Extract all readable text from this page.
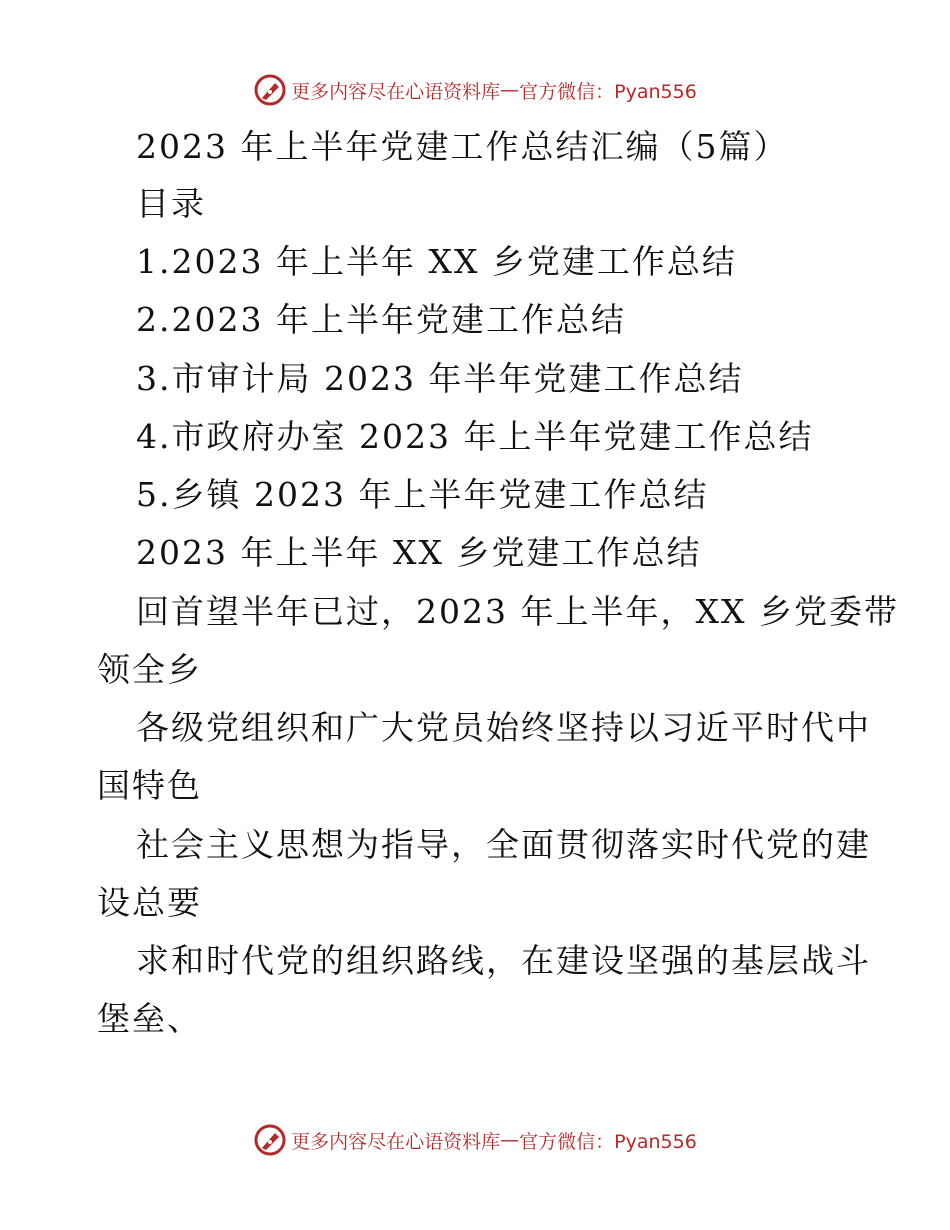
更多内容尽在心语资料库 — 官方微信：Pyan556
2023 年上半年党建工作总结汇编（5篇）
目录
1.2023 年上半年 XX 乡党建工作总结
2.2023 年上半年党建工作总结
3.市审计局 2023 年半年党建工作总结
4.市政府办室 2023 年上半年党建工作总结
5.乡镇 2023 年上半年党建工作总结
2023 年上半年 XX 乡党建工作总结
回首望半年已过，2023 年上半年，XX 乡党委带
领全乡
各级党组织和广大党员始终坚持以习近平时代中
国特色
社会主义思想为指导，全面贯彻落实时代党的建
设总要
求和时代党的组织路线，在建设坚强的基层战斗
堡垒、
更多内容尽在心语资料库 — 官方微信：Pyan556
